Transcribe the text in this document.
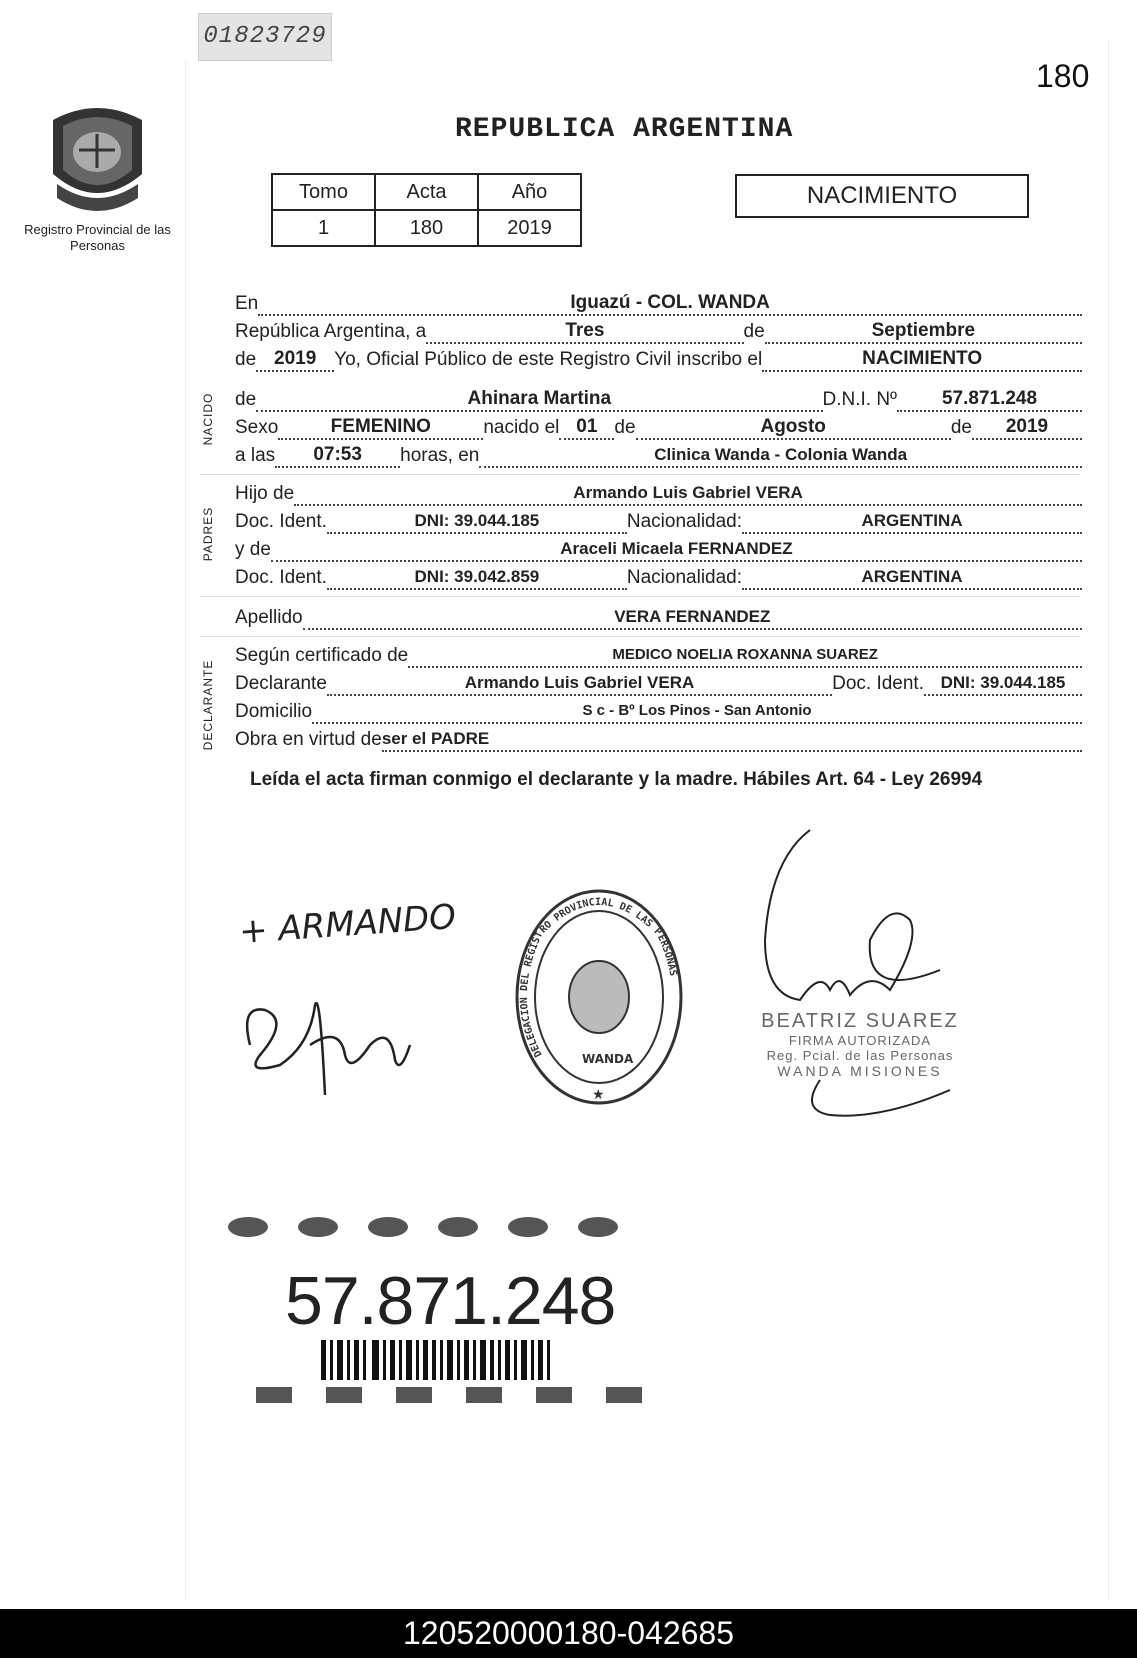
01823729
180
REPUBLICA ARGENTINA
Registro Provincial de las Personas
Tomo	Acta	Año
1	180	2019
NACIMIENTO
En	Iguazú - COL. WANDA
República Argentina, a	Tres	de	Septiembre
de 2019 Yo, Oficial Público de este Registro Civil inscribo el	NACIMIENTO
NACIDO de	Ahinara Martina	D.N.I. Nº	57.871.248
Sexo	FEMENINO	nacido el 01 de	Agosto	de	2019
a las	07:53	horas, en	Clinica Wanda - Colonia Wanda
PADRES
Hijo de	Armando Luis Gabriel VERA
Doc. Ident.	DNI: 39.044.185	Nacionalidad:	ARGENTINA
y de	Araceli Micaela FERNANDEZ
Doc. Ident.	DNI: 39.042.859	Nacionalidad:	ARGENTINA
Apellido	VERA FERNANDEZ
DECLARANTE
Según certificado de	MEDICO NOELIA ROXANNA SUAREZ
Declarante	Armando Luis Gabriel VERA	Doc. Ident. DNI: 39.044.185
Domicilio	S c - Bº Los Pinos - San Antonio
Obra en virtud de ser el PADRE
Leída el acta firman conmigo el declarante y la madre. Hábiles Art. 64 - Ley 26994
+ ARMANDO
DELEGACION DEL REGISTRO PROVINCIAL DE LAS PERSONAS
WANDA
★
BEATRIZ SUAREZ
FIRMA AUTORIZADA
Reg. Pcial. de las Personas
WANDA MISIONES
57.871.248
120520000180-042685
